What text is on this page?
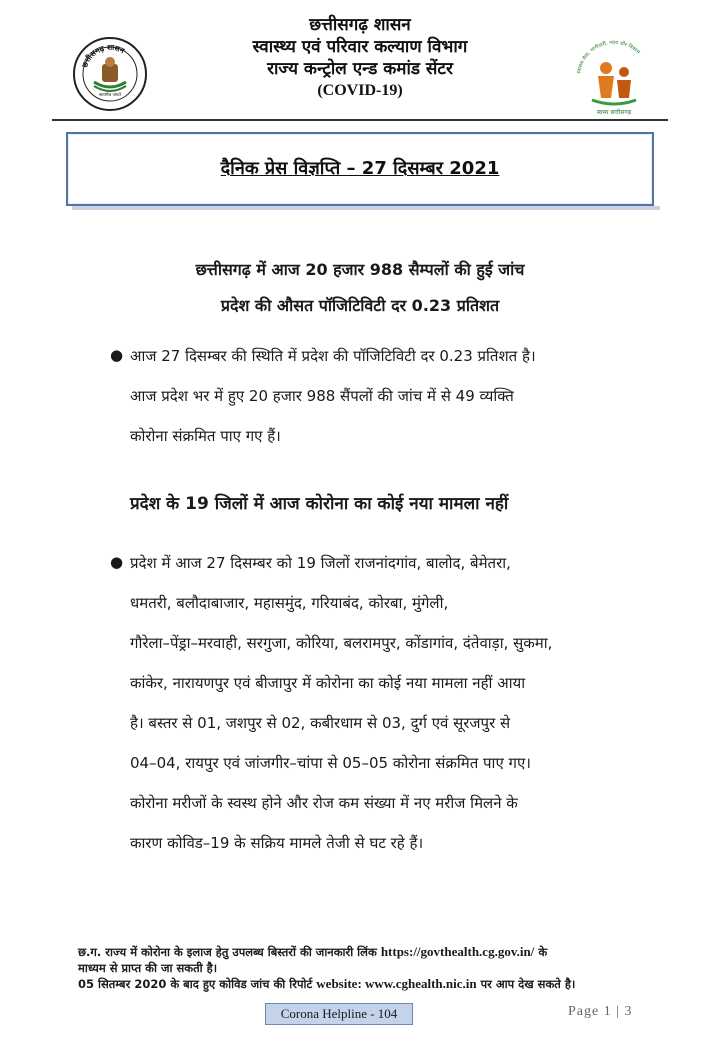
छत्तीसगढ़ शासन
सत्यमेव जयते
छत्तीसगढ़ शासन
स्वास्थ्य एवं परिवार कल्याण विभाग
राज्य कन्ट्रोल एन्ड कमांड सेंटर
(COVID-19)
स्वास्थ्य सेवा, भागीदारी, न्याय और विकास
स्वस्थ छत्तीसगढ़
दैनिक प्रेस विज्ञप्ति – 27 दिसम्बर 2021
छत्तीसगढ़ में आज 20 हजार 988 सैम्पलों की हुई जांच
प्रदेश की औसत पॉजिटिविटी दर 0.23 प्रतिशत
● आज 27 दिसम्बर की स्थिति में प्रदेश की पॉजिटिविटी दर 0.23 प्रतिशत है।
आज प्रदेश भर में हुए 20 हजार 988 सैंपलों की जांच में से 49 व्यक्ति
कोरोना संक्रमित पाए गए हैं।
प्रदेश के 19 जिलों में आज कोरोना का कोई नया मामला नहीं
● प्रदेश में आज 27 दिसम्बर को 19 जिलों राजनांदगांव, बालोद, बेमेतरा,
धमतरी, बलौदाबाजार, महासमुंद, गरियाबंद, कोरबा, मुंगेली,
गौरेला–पेंड्रा–मरवाही, सरगुजा, कोरिया, बलरामपुर, कोंडागांव, दंतेवाड़ा, सुकमा,
कांकेर, नारायणपुर एवं बीजापुर में कोरोना का कोई नया मामला नहीं आया
है। बस्तर से 01, जशपुर से 02, कबीरधाम से 03, दुर्ग एवं सूरजपुर से
04–04, रायपुर एवं जांजगीर–चांपा से 05–05 कोरोना संक्रमित पाए गए।
कोरोना मरीजों के स्वस्थ होने और रोज कम संख्या में नए मरीज मिलने के
कारण कोविड–19 के सक्रिय मामले तेजी से घट रहे हैं।
छ.ग. राज्य में कोरोना के इलाज हेतु उपलब्ध बिस्तरों की जानकारी लिंक https://govthealth.cg.gov.in/ के
माध्यम से प्राप्त की जा सकती है।
05 सितम्बर 2020 के बाद हुए कोविड जांच की रिपोर्ट website: www.cghealth.nic.in पर आप देख सकते है।
Corona Helpline - 104	Page 1 | 3
